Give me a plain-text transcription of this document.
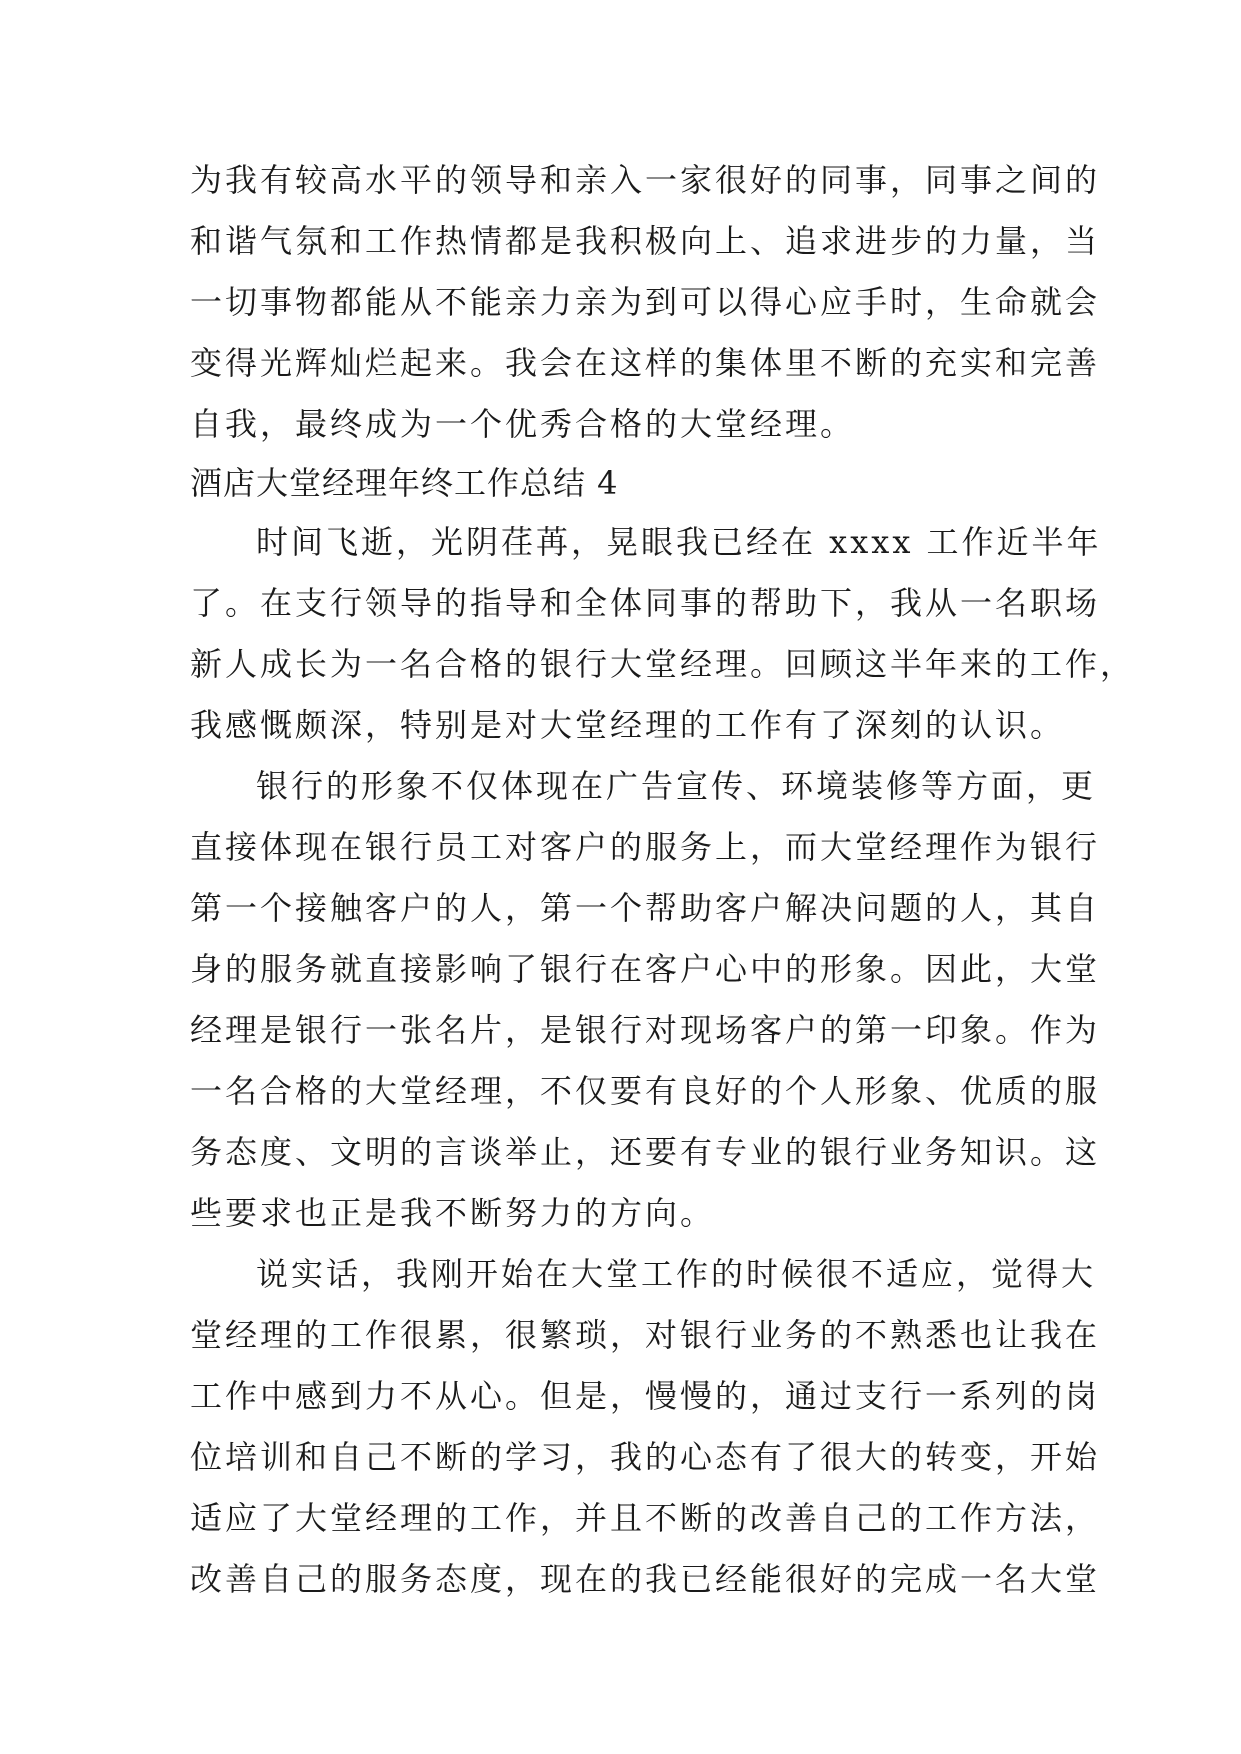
为我有较高水平的领导和亲入一家很好的同事，同事之间的
和谐气氛和工作热情都是我积极向上、追求进步的力量，当
一切事物都能从不能亲力亲为到可以得心应手时，生命就会
变得光辉灿烂起来。我会在这样的集体里不断的充实和完善
自我，最终成为一个优秀合格的大堂经理。
酒店大堂经理年终工作总结 4
时间飞逝，光阴荏苒，晃眼我已经在 xxxx 工作近半年
了。在支行领导的指导和全体同事的帮助下，我从一名职场
新人成长为一名合格的银行大堂经理。回顾这半年来的工作，
我感慨颇深，特别是对大堂经理的工作有了深刻的认识。
银行的形象不仅体现在广告宣传、环境装修等方面，更
直接体现在银行员工对客户的服务上，而大堂经理作为银行
第一个接触客户的人，第一个帮助客户解决问题的人，其自
身的服务就直接影响了银行在客户心中的形象。因此，大堂
经理是银行一张名片，是银行对现场客户的第一印象。作为
一名合格的大堂经理，不仅要有良好的个人形象、优质的服
务态度、文明的言谈举止，还要有专业的银行业务知识。这
些要求也正是我不断努力的方向。
说实话，我刚开始在大堂工作的时候很不适应，觉得大
堂经理的工作很累，很繁琐，对银行业务的不熟悉也让我在
工作中感到力不从心。但是，慢慢的，通过支行一系列的岗
位培训和自己不断的学习，我的心态有了很大的转变，开始
适应了大堂经理的工作，并且不断的改善自己的工作方法，
改善自己的服务态度，现在的我已经能很好的完成一名大堂
